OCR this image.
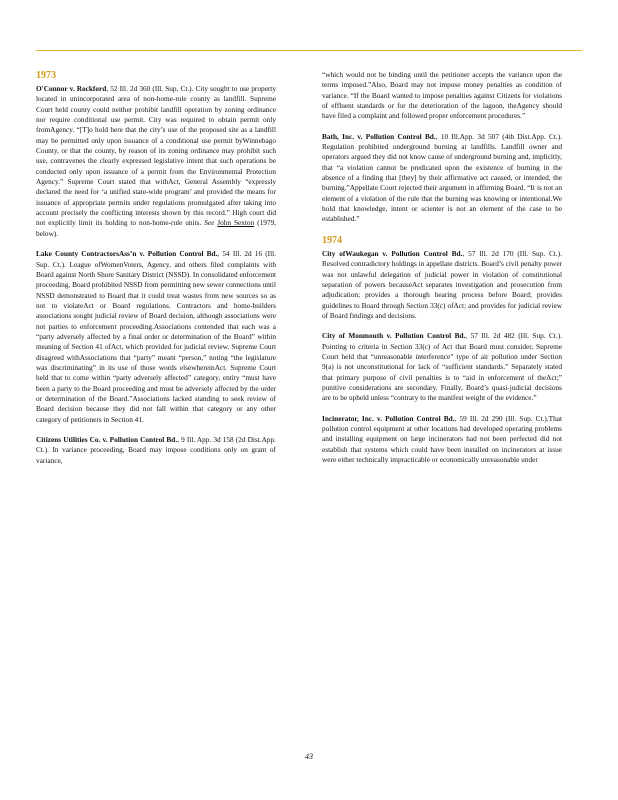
1973

O'Connor v. Rockford, 52 Ill. 2d 360 (Ill. Sup. Ct.). City sought to use property located in unincorporated area of non-home-rule county as landfill. Supreme Court held county could neither prohibit landfill operation by zoning ordinance nor require conditional use permit. City was required to obtain permit only fromAgency. “[T]o hold here that the city’s use of the proposed site as a landfill may be permitted only upon issuance of a conditional use permit byWinnebago County, or that the county, by reason of its zoning ordinance may prohibit such use, contravenes the clearly expressed legislative intent that such operations be conducted only upon issuance of a permit from the Environmental Protection Agency.” Supreme Court stated that withAct, General Assembly “expressly declared the need for ‘a unified state-wide program’ and provided the means for issuance of appropriate permits under regulations promulgated after taking into account precisely the conflicting interests shown by this record.” High court did not explicitly limit its holding to non-home-rule units. See John Sexton (1979, below).

Lake County ContractorsAss’n v. Pollution Control Bd., 54 Ill. 2d 16 (Ill. Sup. Ct.). League ofWomenVoters, Agency, and others filed complaints with Board against North Shore Sanitary District (NSSD). In consolidated enforcement proceeding, Board prohibited NSSD from permitting new sewer connections until NSSD demonstrated to Board that it could treat wastes from new sources so as not to violateAct or Board regulations. Contractors and home-builders associations sought judicial review of Board decision, although associations were not parties to enforcement proceeding.Associations contended that each was a “party adversely affected by a final order or determination of the Board” within meaning of Section 41 ofAct, which provided for judicial review. Supreme Court disagreed withAssociations that “party” meant “person,” noting “the legislature was discriminating” in its use of those words elsewhereinAct. Supreme Court held that to come within “party adversely affected” category, entity “must have been a party to the Board proceeding and must be adversely affected by the order or determination of the Board.”Associations lacked standing to seek review of Board decision because they did not fall within that category or any other category of petitioners in Section 41.

Citizens Utilities Co. v. Pollution Control Bd., 9 Ill. App. 3d 158 (2d Dist.App. Ct.). In variance proceeding, Board may impose conditions only on grant of variance,

“which would not be binding until the petitioner accepts the variance upon the terms imposed.”Also, Board may not impose money penalties as condition of variance. “If the Board wanted to impose penalties against Citizens for violations of effluent standards or for the deterioration of the lagoon, theAgency should have filed a complaint and followed proper enforcement procedures.”

Bath, Inc. v. Pollution Control Bd., 10 Ill.App. 3d 507 (4th Dist.App. Ct.). Regulation prohibited underground burning at landfills. Landfill owner and operators argued they did not know cause of underground burning and, implicitly, that “a violation cannot be predicated upon the existence of burning in the absence of a finding that [they] by their affirmative act caused, or intended, the burning.”Appellate Court rejected their argument in affirming Board. “It is not an element of a violation of the rule that the burning was knowing or intentional.We hold that knowledge, intent or scienter is not an element of the case to be established.”

1974

City ofWaukegan v. Pollution Control Bd., 57 Ill. 2d 170 (Ill. Sup. Ct.). Resolved contradictory holdings in appellate districts. Board’s civil penalty power was not unlawful delegation of judicial power in violation of constitutional separation of powers becauseAct separates investigation and prosecution from adjudication; provides a thorough hearing process before Board; provides guidelines to Board through Section 33(c) ofAct; and provides for judicial review of Board findings and decisions.

City of Monmouth v. Pollution Control Bd., 57 Ill. 2d 482 (Ill. Sup. Ct.). Pointing to criteria in Section 33(c) of Act that Board must consider, Supreme Court held that “unreasonable interference” type of air pollution under Section 9(a) is not unconstitutional for lack of “sufficient standards.” Separately stated that primary purpose of civil penalties is to “aid in enforcement of theAct;” punitive considerations are secondary. Finally, Board’s quasi-judicial decisions are to be upheld unless “contrary to the manifest weight of the evidence.”

Incinerator, Inc. v. Pollution Control Bd., 59 Ill. 2d 290 (Ill. Sup. Ct.).That pollution control equipment at other locations had developed operating problems and installing equipment on large incinerators had not been perfected did not establish that systems which could have been installed on incinerators at issue were either technically impracticable or economically unreasonable under

43
